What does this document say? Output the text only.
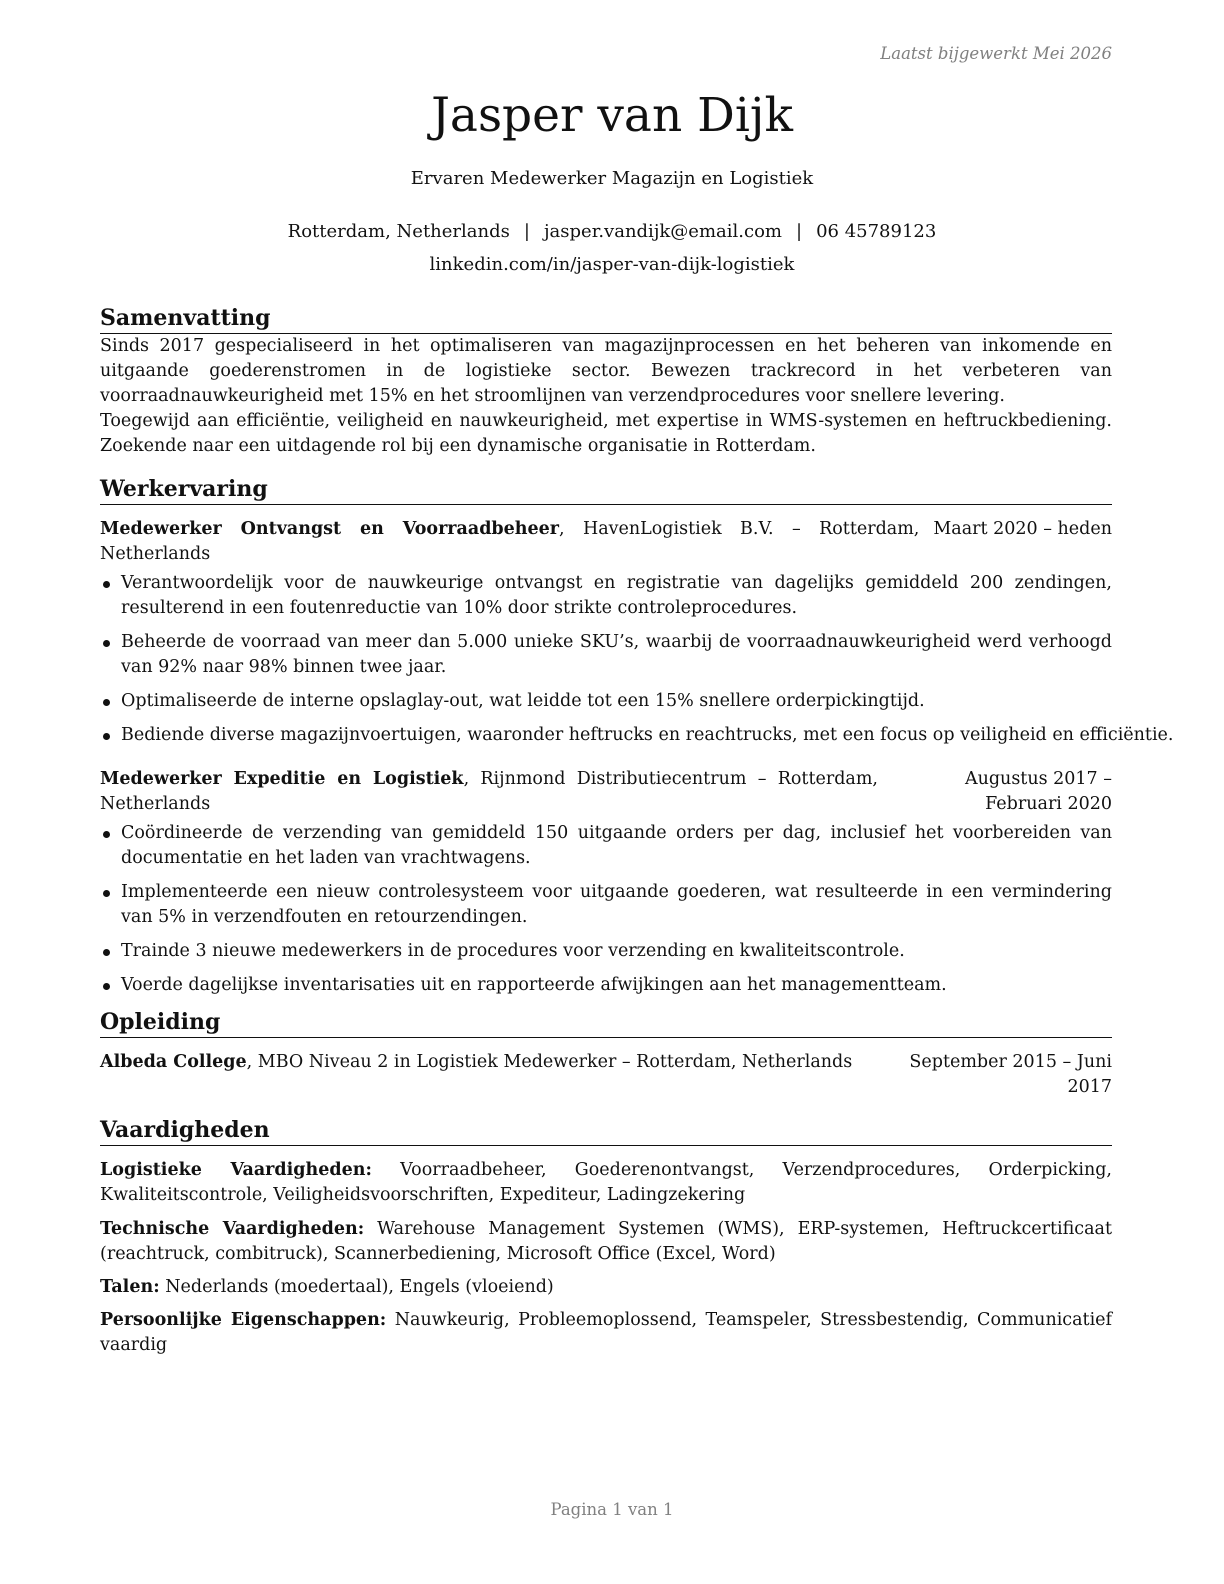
Laatst bijgewerkt Mei 2026
Jasper van Dijk
Ervaren Medewerker Magazijn en Logistiek
Rotterdam, Netherlands | jasper.vandijk@email.com | 06 45789123
linkedin.com/in/jasper-van-dijk-logistiek
Samenvatting

Sinds 2017 gespecialiseerd in het optimaliseren van magazijnprocessen en het beheren van inkomende en uitgaande goederenstromen in de logistieke sector. Bewezen trackrecord in het verbeteren van voorraadnauwkeurigheid met 15% en het stroomlijnen van verzendprocedures voor snellere levering.

Toegewijd aan efficiëntie, veiligheid en nauwkeurigheid, met expertise in WMS-systemen en heftruckbediening. Zoekende naar een uitdagende rol bij een dynamische organisatie in Rotterdam.

Werkervaring
Medewerker Ontvangst en Voorraadbeheer, HavenLogistiek B.V. – Rotterdam, Netherlands
Maart 2020 – heden
Verantwoordelijk voor de nauwkeurige ontvangst en registratie van dagelijks gemiddeld 200 zendingen, resulterend in een foutenreductie van 10% door strikte controleprocedures.
Beheerde de voorraad van meer dan 5.000 unieke SKU’s, waarbij de voorraadnauwkeurigheid werd verhoogd van 92% naar 98% binnen twee jaar.
Optimaliseerde de interne opslaglay-out, wat leidde tot een 15% snellere orderpickingtijd.
Bediende diverse magazijnvoertuigen, waaronder heftrucks en reachtrucks, met een focus op veiligheid en efficiëntie.
Medewerker Expeditie en Logistiek, Rijnmond Distributiecentrum – Rotterdam, Netherlands
Augustus 2017 – Februari 2020
Coördineerde de verzending van gemiddeld 150 uitgaande orders per dag, inclusief het voorbereiden van documentatie en het laden van vrachtwagens.
Implementeerde een nieuw controlesysteem voor uitgaande goederen, wat resulteerde in een vermindering van 5% in verzendfouten en retourzendingen.
Trainde 3 nieuwe medewerkers in de procedures voor verzending en kwaliteitscontrole.
Voerde dagelijkse inventarisaties uit en rapporteerde afwijkingen aan het managementteam.
Opleiding
Albeda College, MBO Niveau 2 in Logistiek Medewerker – Rotterdam, Netherlands	September 2015 – Juni
2017
Vaardigheden

Logistieke Vaardigheden: Voorraadbeheer, Goederenontvangst, Verzendprocedures, Orderpicking, Kwaliteitscontrole, Veiligheidsvoorschriften, Expediteur, Ladingzekering

Technische Vaardigheden: Warehouse Management Systemen (WMS), ERP-systemen, Heftruckcertificaat (reachtruck, combitruck), Scannerbediening, Microsoft Office (Excel, Word)

Talen: Nederlands (moedertaal), Engels (vloeiend)

Persoonlijke Eigenschappen: Nauwkeurig, Probleemoplossend, Teamspeler, Stressbestendig, Communicatief vaardig

Pagina 1 van 1
